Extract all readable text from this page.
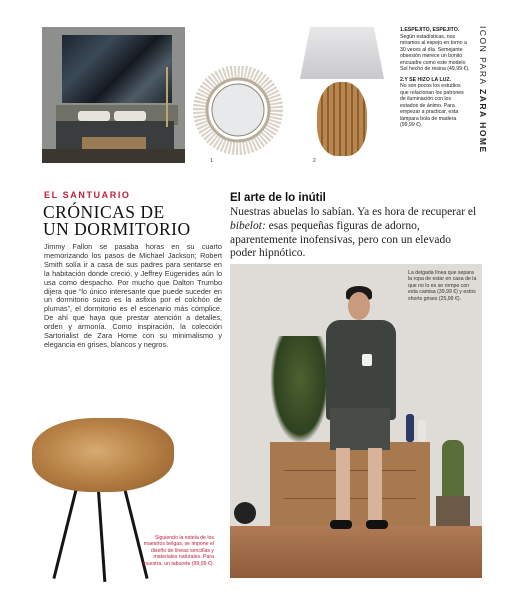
1	2
1.ESPEJITO, ESPEJITO.
Según estadísticas, nos miramos al espejo en torno a 30 veces al día. Semejante obsesión merece un bonito encuadre como este modelo Sol hecho de resina (49,99 €).
2.Y SE HIZO LA LUZ.
No son pocos los estudios que relacionan los patrones de iluminación con los estados de ánimo. Para empezar a practicar, esta lámpara bola de madera (99,99 €).
ICON PARA ZARA HOME
EL SANTUARIO
CRÓNICAS DE
UN DORMITORIO
Jimmy Fallon se pasaba horas en su cuarto memorizando los pasos de Michael Jackson; Robert Smith solía ir a casa de sus padres para sentarse en la habitación donde creció, y Jeffrey Eugenides aún lo usa como despacho. Por mucho que Dalton Trumbo dijera que “lo único interesante que puede suceder en un dormitorio suizo es la asfixia por el colchón de plumas”, el dormitorio es el escenario más cómplice. De ahí que haya que prestar atención a detalles, orden y armonía. Como inspiración, la colección Sartorialist de Zara Home con su minimalismo y elegancia en grises, blancos y negros.
El arte de lo inútil
Nuestras abuelas lo sabían. Ya es hora de recuperar el bibelot: esas pequeñas figuras de adorno, aparentemente inofensivas, pero con un elevado poder hipnótico.
La delgada línea que separa la ropa de estar en casa de la que no lo es se rompe con esta camisa (39,99 €) y estos shorts grises (25,99 €).
Siguiendo la estela de los maestros belgas, se impone el diseño de líneas sencillas y materiales naturales. Para muestra, un taburete (99,99 €).
